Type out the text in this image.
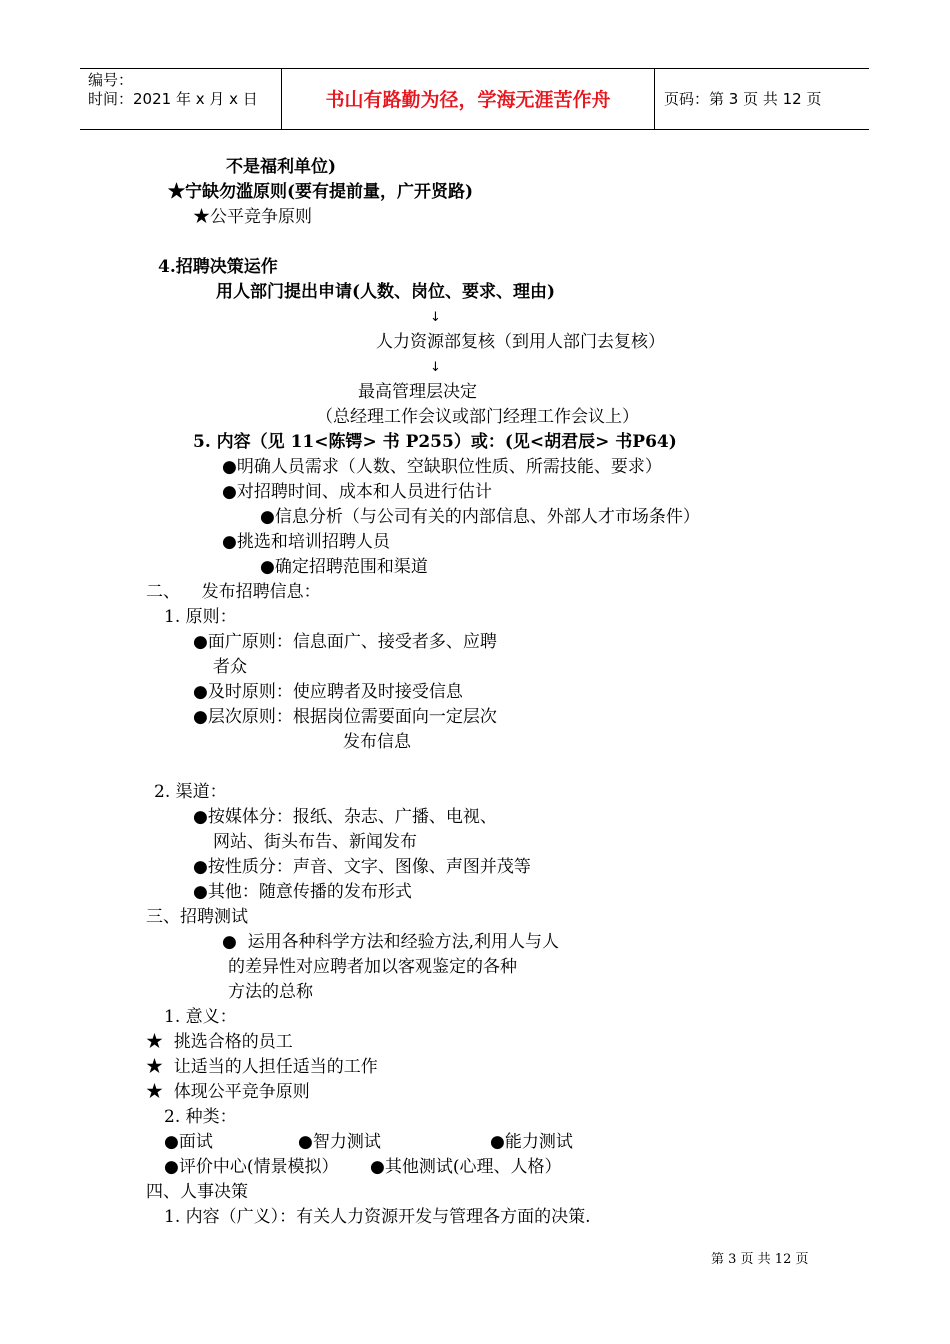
编号：
时间：2021 年 x 月 x 日	书山有路勤为径，学海无涯苦作舟	页码：第 3 页 共 12 页
不是福利单位)
★宁缺勿滥原则(要有提前量，广开贤路)
★公平竞争原则
4.招聘决策运作
用人部门提出申请(人数、岗位、要求、理由)
↓
人力资源部复核（到用人部门去复核）
↓
最高管理层决定
（总经理工作会议或部门经理工作会议上）
5. 内容（见 11<陈锷> 书 P255）或：(见<胡君辰> 书P64)
●明确人员需求（人数、空缺职位性质、所需技能、要求）
●对招聘时间、成本和人员进行估计
●信息分析（与公司有关的内部信息、外部人才市场条件）
●挑选和培训招聘人员
●确定招聘范围和渠道
二、    发布招聘信息：
1. 原则：
●面广原则：信息面广、接受者多、应聘
者众
●及时原则：使应聘者及时接受信息
●层次原则：根据岗位需要面向一定层次
发布信息
2. 渠道：
●按媒体分：报纸、杂志、广播、电视、
网站、街头布告、新闻发布
●按性质分：声音、文字、图像、声图并茂等
●其他：随意传播的发布形式
三、招聘测试
●  运用各种科学方法和经验方法,利用人与人
的差异性对应聘者加以客观鉴定的各种
方法的总称
1. 意义：
★  挑选合格的员工
★  让适当的人担任适当的工作
★  体现公平竞争原则
2. 种类：
●面试	●智力测试	●能力测试
●评价中心(情景模拟） ●其他测试(心理、人格）
四、人事决策
1. 内容（广义）：有关人力资源开发与管理各方面的决策.
第 3 页 共 12 页
